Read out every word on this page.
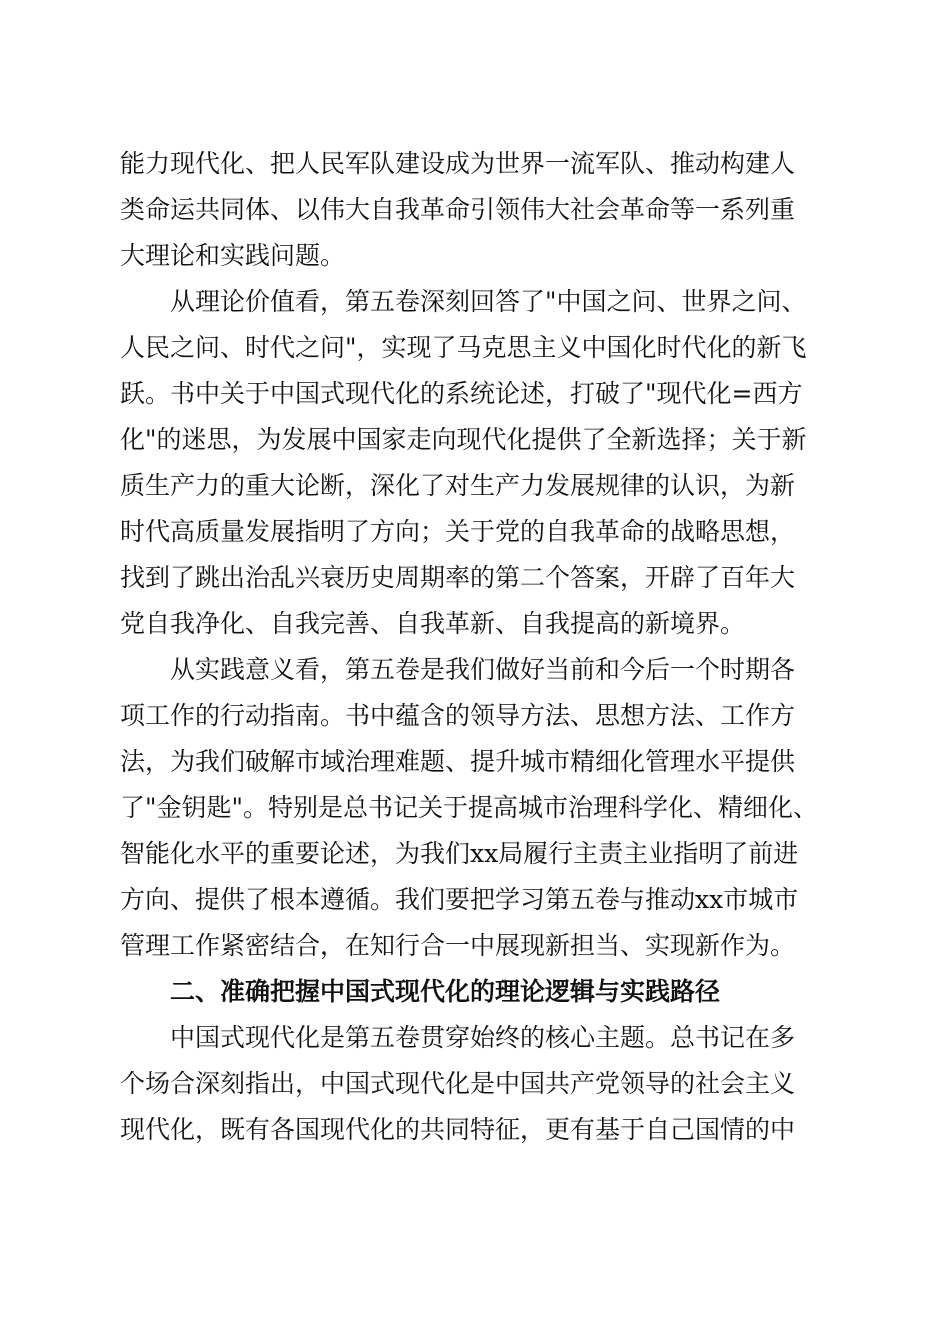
能力现代化、把人民军队建设成为世界一流军队、推动构建人
类命运共同体、以伟大自我革命引领伟大社会革命等一系列重
大理论和实践问题。
从理论价值看，第五卷深刻回答了"中国之问、世界之问、
人民之问、时代之问"，实现了马克思主义中国化时代化的新飞
跃。书中关于中国式现代化的系统论述，打破了"现代化=西方
化"的迷思，为发展中国家走向现代化提供了全新选择；关于新
质生产力的重大论断，深化了对生产力发展规律的认识，为新
时代高质量发展指明了方向；关于党的自我革命的战略思想，
找到了跳出治乱兴衰历史周期率的第二个答案，开辟了百年大
党自我净化、自我完善、自我革新、自我提高的新境界。
从实践意义看，第五卷是我们做好当前和今后一个时期各
项工作的行动指南。书中蕴含的领导方法、思想方法、工作方
法，为我们破解市域治理难题、提升城市精细化管理水平提供
了"金钥匙"。特别是总书记关于提高城市治理科学化、精细化、
智能化水平的重要论述，为我们xx局履行主责主业指明了前进
方向、提供了根本遵循。我们要把学习第五卷与推动xx市城市
管理工作紧密结合，在知行合一中展现新担当、实现新作为。
二、准确把握中国式现代化的理论逻辑与实践路径
中国式现代化是第五卷贯穿始终的核心主题。总书记在多
个场合深刻指出，中国式现代化是中国共产党领导的社会主义
现代化，既有各国现代化的共同特征，更有基于自己国情的中
